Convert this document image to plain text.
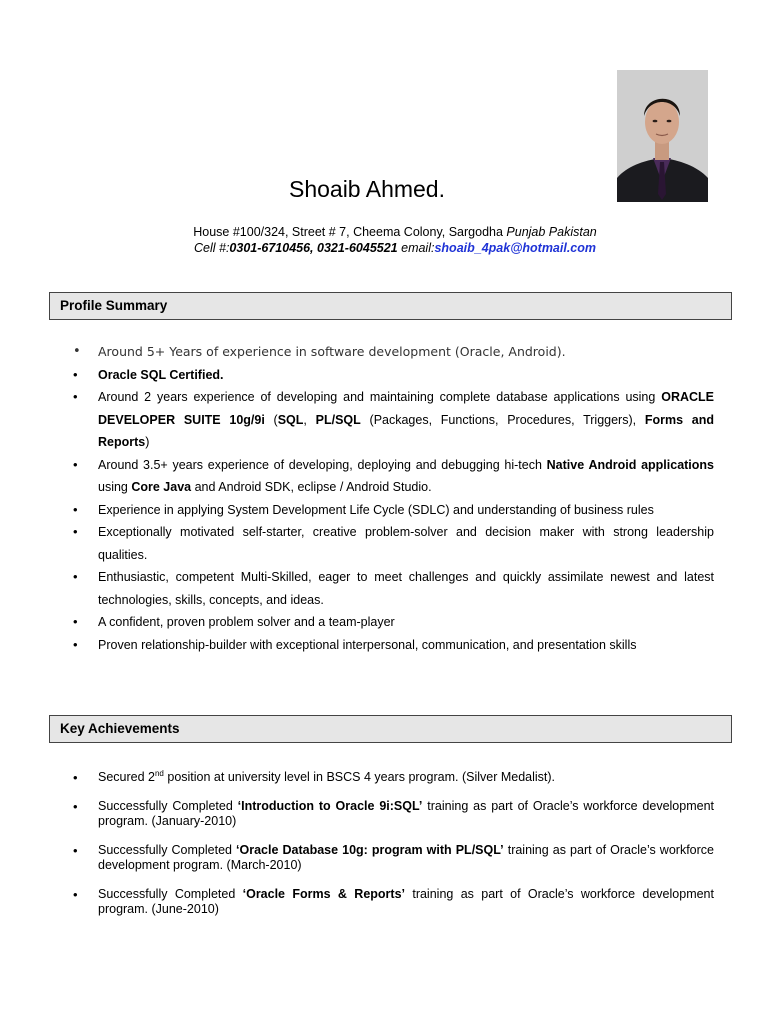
Shoaib Ahmed.
House #100/324, Street # 7, Cheema Colony, Sargodha Punjab Pakistan
Cell #:0301-6710456, 0321-6045521 email:shoaib_4pak@hotmail.com
Profile Summary
• Around 5+ Years of experience in software development (Oracle, Android).
• Oracle SQL Certified.
• Around 2 years experience of developing and maintaining complete database applications using ORACLE DEVELOPER SUITE 10g/9i (SQL, PL/SQL (Packages, Functions, Procedures, Triggers), Forms and Reports)
• Around 3.5+ years experience of developing, deploying and debugging hi-tech Native Android applications using Core Java and Android SDK, eclipse / Android Studio.
• Experience in applying System Development Life Cycle (SDLC) and understanding of business rules
• Exceptionally motivated self-starter, creative problem-solver and decision maker with strong leadership qualities.
• Enthusiastic, competent Multi-Skilled, eager to meet challenges and quickly assimilate newest and latest technologies, skills, concepts, and ideas.
• A confident, proven problem solver and a team-player
• Proven relationship-builder with exceptional interpersonal, communication, and presentation skills
Key Achievements
• Secured 2nd position at university level in BSCS 4 years program. (Silver Medalist).
• Successfully Completed ‘Introduction to Oracle 9i:SQL’ training as part of Oracle’s workforce development program. (January-2010)
• Successfully Completed ‘Oracle Database 10g: program with PL/SQL’ training as part of Oracle’s workforce development program. (March-2010)
• Successfully Completed ‘Oracle Forms & Reports’ training as part of Oracle’s workforce development program. (June-2010)
